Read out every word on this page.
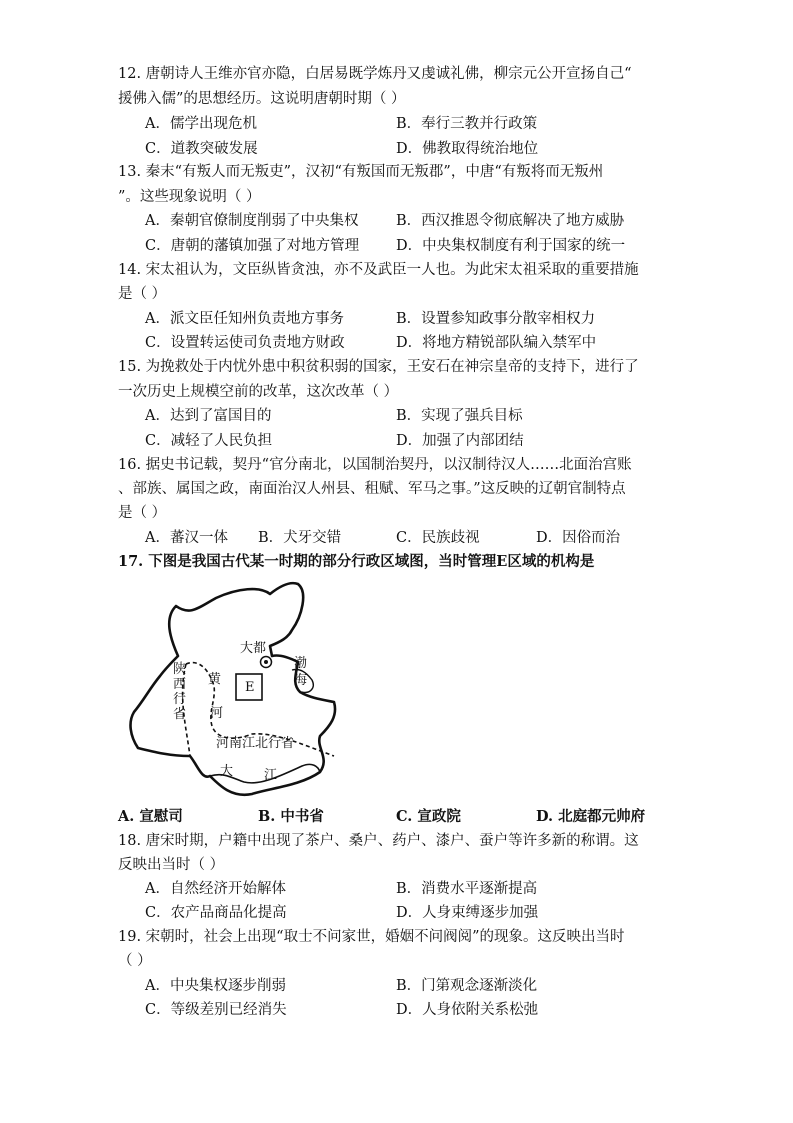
12. 唐朝诗人王维亦官亦隐，白居易既学炼丹又虔诚礼佛，柳宗元公开宣扬自己“
援佛入儒”的思想经历。这说明唐朝时期（ ）
A．儒学出现危机	B．奉行三教并行政策
C．道教突破发展	D．佛教取得统治地位
13. 秦末“有叛人而无叛吏”，汉初“有叛国而无叛郡”，中唐“有叛将而无叛州
”。这些现象说明（ ）
A．秦朝官僚制度削弱了中央集权	B．西汉推恩令彻底解决了地方威胁
C．唐朝的藩镇加强了对地方管理	D．中央集权制度有利于国家的统一
14. 宋太祖认为，文臣纵皆贪浊，亦不及武臣一人也。为此宋太祖采取的重要措施
是（ ）
A．派文臣任知州负责地方事务	B．设置参知政事分散宰相权力
C．设置转运使司负责地方财政	D．将地方精锐部队编入禁军中
15. 为挽救处于内忧外患中积贫积弱的国家，王安石在神宗皇帝的支持下，进行了
一次历史上规模空前的改革，这次改革（ ）
A．达到了富国目的	B．实现了强兵目标
C．减轻了人民负担	D．加强了内部团结
16. 据史书记载，契丹“官分南北，以国制治契丹，以汉制待汉人……北面治宫账
、部族、属国之政，南面治汉人州县、租赋、军马之事。”这反映的辽朝官制特点
是（ ）
A．蕃汉一体 B．犬牙交错	C．民族歧视	D．因俗而治
17. 下图是我国古代某一时期的部分行政区域图，当时管理E区域的机构是
大都
渤
海
黄
河
E
陕西行省
河南江北行省
大 江
A. 宣慰司	B. 中书省	C. 宣政院	D. 北庭都元帅府
18. 唐宋时期，户籍中出现了茶户、桑户、药户、漆户、蚕户等许多新的称谓。这
反映出当时（ ）
A．自然经济开始解体	B．消费水平逐渐提高
C．农产品商品化提高	D．人身束缚逐步加强
19. 宋朝时，社会上出现“取士不问家世，婚姻不问阀阅”的现象。这反映出当时
（ ）
A．中央集权逐步削弱	B．门第观念逐渐淡化
C．等级差别已经消失	D．人身依附关系松弛
